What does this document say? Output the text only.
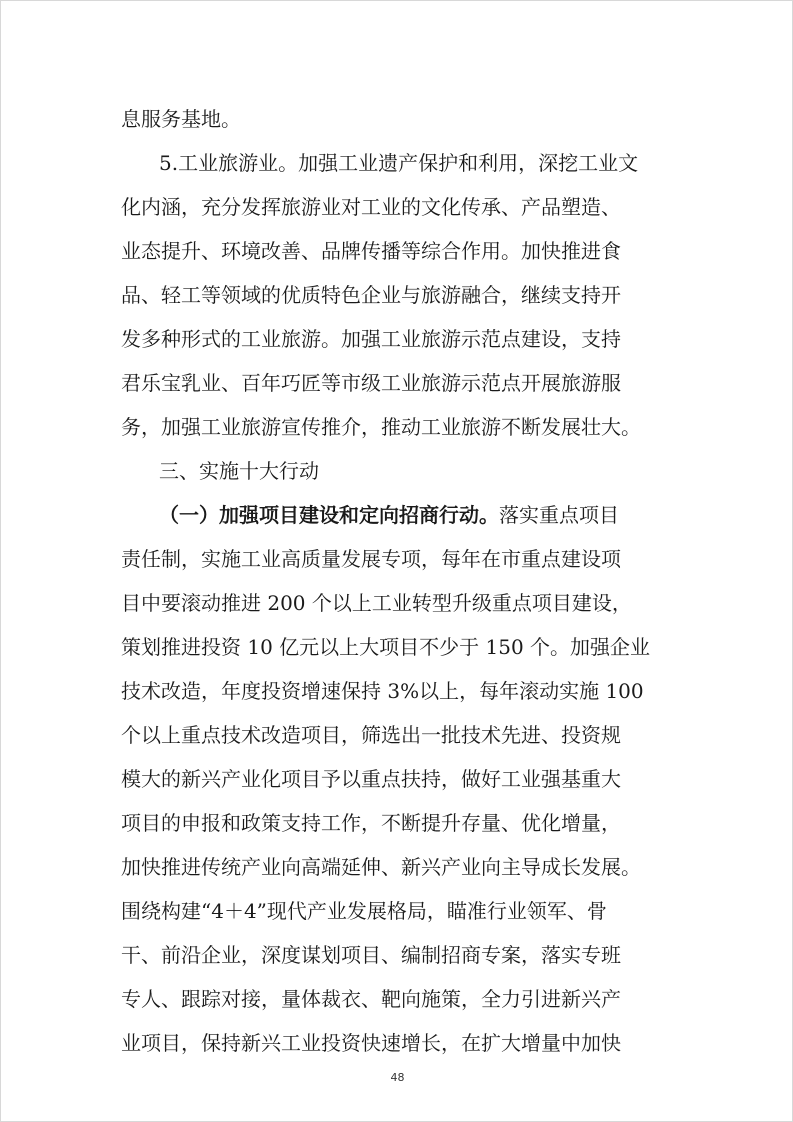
息服务基地。

5.工业旅游业。加强工业遗产保护和利用，深挖工业文

化内涵，充分发挥旅游业对工业的文化传承、产品塑造、

业态提升、环境改善、品牌传播等综合作用。加快推进食

品、轻工等领域的优质特色企业与旅游融合，继续支持开

发多种形式的工业旅游。加强工业旅游示范点建设，支持

君乐宝乳业、百年巧匠等市级工业旅游示范点开展旅游服

务，加强工业旅游宣传推介，推动工业旅游不断发展壮大。

三、实施十大行动

（一）加强项目建设和定向招商行动。落实重点项目

责任制，实施工业高质量发展专项，每年在市重点建设项

目中要滚动推进 200 个以上工业转型升级重点项目建设，

策划推进投资 10 亿元以上大项目不少于 150 个。加强企业

技术改造，年度投资增速保持 3%以上，每年滚动实施 100

个以上重点技术改造项目，筛选出一批技术先进、投资规

模大的新兴产业化项目予以重点扶持，做好工业强基重大

项目的申报和政策支持工作，不断提升存量、优化增量，

加快推进传统产业向高端延伸、新兴产业向主导成长发展。

围绕构建“4＋4”现代产业发展格局，瞄准行业领军、骨

干、前沿企业，深度谋划项目、编制招商专案，落实专班

专人、跟踪对接，量体裁衣、靶向施策，全力引进新兴产

业项目，保持新兴工业投资快速增长，在扩大增量中加快

48
